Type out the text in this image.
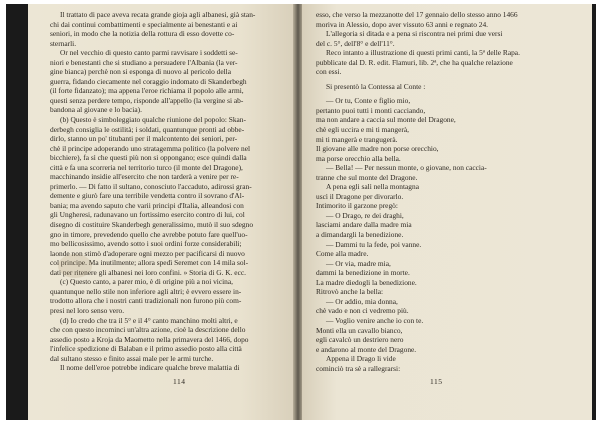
Il trattato di pace aveva recata grande gioja agli albanesi, già stan-
chi dai continui combattimenti e specialmente ai benestanti e ai
seniori, in modo che la notizia della rottura di esso dovette co-
sternarli.
Or nel vecchio di questo canto parmi ravvisare i soddetti se-
niori e benestanti che si studiano a persuadere l'Albania (la ver-
gine bianca) perchè non si esponga di nuovo al pericolo della
guerra, fidando ciecamente nel coraggio indomato di Skanderbegh
(il forte fidanzato); ma appena l'eroe richiama il popolo alle armi,
questi senza perdere tempo, risponde all'appello (la vergine si ab-
bandona al giovane e lo bacia).
(b) Questo è simboleggiato qualche riunione del popolo: Skan-
derbegh consiglia le ostilità; i soldati, quantunque pronti ad obbe-
dirlo, stanno un po' titubanti per il malcontento dei seniori, per-
chè il principe adoperando uno stratagemma politico (la polvere nel
bicchiere), fa sì che questi più non si oppongano; esce quindi dalla
città e fa una scorreria nel territorio turco (il monte del Dragone),
macchinando insidie all'esercito che non tarderà a venire per re-
primerlo. — Di fatto il sultano, conosciuto l'accaduto, adirossi gran-
demente e giurò fare una terribile vendetta contro il sovrano d'Al-
bania; ma avendo saputo che varii principi d'Italia, alleandosi con
gli Ungheresi, radunavano un fortissimo esercito contro di lui, col
disegno di costituire Skanderbegh generalissimo, mutò il suo sdegno
gno in timore, prevedendo quello che avrebbe potuto fare quell'uo-
mo bellicosissimo, avendo sotto i suoi ordini forze considerabili;
laonde non stimò d'adoperare ogni mezzo per pacificarsi di nuovo
col principe. Ma inutilmente; allora spedì Seremet con 14 mila sol-
dati per ritenere gli albanesi nei loro confini. » Storia di G. K. ecc.
(c) Questo canto, a parer mio, è di origine più a noi vicina,
quantunque nello stile non inferiore agli altri; è evvero essere in-
trodotto allora che i nostri canti tradizionali non furono più com-
presi nel loro senso vero.
(d) Io credo che tra il 5° e il 4° canto manchino molti altri, e
che con questo incominci un'altra azione, cioè la descrizione dello
assedio posto a Kroja da Maometto nella primavera del 1466, dopo
l'infelice spedizione di Balaban e il primo assedio posto alla città
dal sultano stesso e finito assai male per le armi turche.
Il nome dell'eroe potrebbe indicare qualche breve malattia di
114
esso, che verso la mezzanotte del 17 gennaio dello stesso anno 1466
moriva in Alessio, dopo aver vissuto 63 anni e regnato 24.
L'allegoria si ditada e a pena si riscontra nei primi due versi
del c. 5°, dell'8° e dell'11°.
Reco intanto a illustrazione di questi primi canti, la 5ª delle Rapa.
pubblicate dal D. R. edit. Flamuri, lib. 2ª, che ha qualche relazione
con essi.
Si presentò la Contessa al Conte :
— Or tu, Conte e figlio mio,
pertanto puoi tutti i monti cacciando,
ma non andare a caccia sul monte del Dragone,
chè egli uccira e mi ti mangerà,
mi ti mangerà e trangugerà.
Il giovane alle madre non porse orecchio,
ma porse orecchio alla bella.
— Bella! — Per nessun monte, o giovane, non caccia-
tranne che sul monte del Dragone.
A pena egli salì nella montagna
uscì il Dragone per divorarlo.
Intimorito il garzone pregò:
— O Drago, re dei draghi,
lasciami andare dalla madre mia
a dimandargli la benedizione.
— Dammi tu la fede, poi vanne.
Come alla madre.
— Or via, madre mia,
dammi la benedizione in morte.
La madre diedogli la benedizione.
Ritrovò anche la bella:
— Or addio, mia donna,
chè vado e non ci vedremo più.
— Voglio venire anche io con te.
Monti ella un cavallo bianco,
egli cavalcò un destriero nero
e andarono al monte del Dragone.
Appena il Drago li vide
cominciò tra sè a rallegrarsi:
115
